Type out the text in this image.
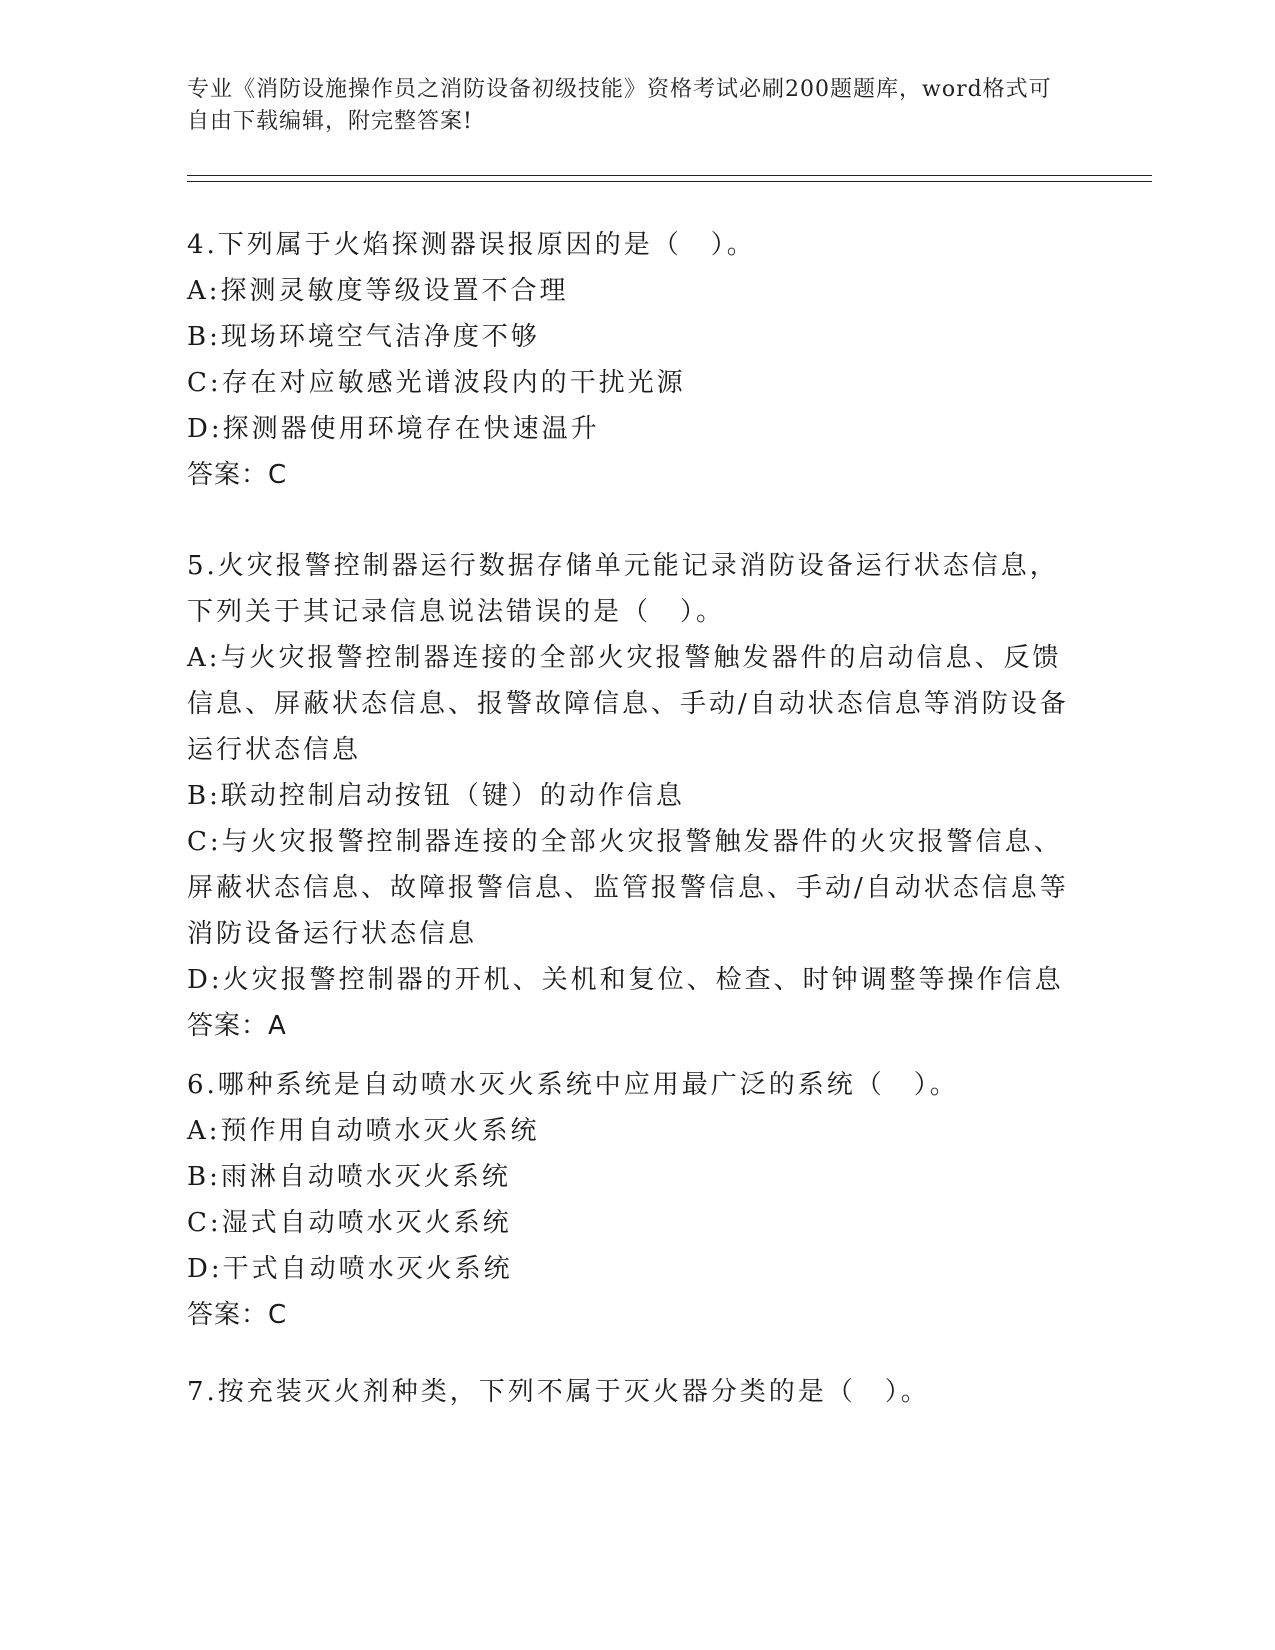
专业《消防设施操作员之消防设备初级技能》资格考试必刷200题题库，word格式可自由下载编辑，附完整答案!

4.下列属于火焰探测器误报原因的是（　）。

A:探测灵敏度等级设置不合理

B:现场环境空气洁净度不够

C:存在对应敏感光谱波段内的干扰光源

D:探测器使用环境存在快速温升

答案：C

5.火灾报警控制器运行数据存储单元能记录消防设备运行状态信息，下列关于其记录信息说法错误的是（　）。

A:与火灾报警控制器连接的全部火灾报警触发器件的启动信息、反馈信息、屏蔽状态信息、报警故障信息、手动/自动状态信息等消防设备运行状态信息

B:联动控制启动按钮（键）的动作信息

C:与火灾报警控制器连接的全部火灾报警触发器件的火灾报警信息、屏蔽状态信息、故障报警信息、监管报警信息、手动/自动状态信息等消防设备运行状态信息

D:火灾报警控制器的开机、关机和复位、检查、时钟调整等操作信息

答案：A

6.哪种系统是自动喷水灭火系统中应用最广泛的系统（　）。

A:预作用自动喷水灭火系统

B:雨淋自动喷水灭火系统

C:湿式自动喷水灭火系统

D:干式自动喷水灭火系统

答案：C

7.按充装灭火剂种类，下列不属于灭火器分类的是（　）。
